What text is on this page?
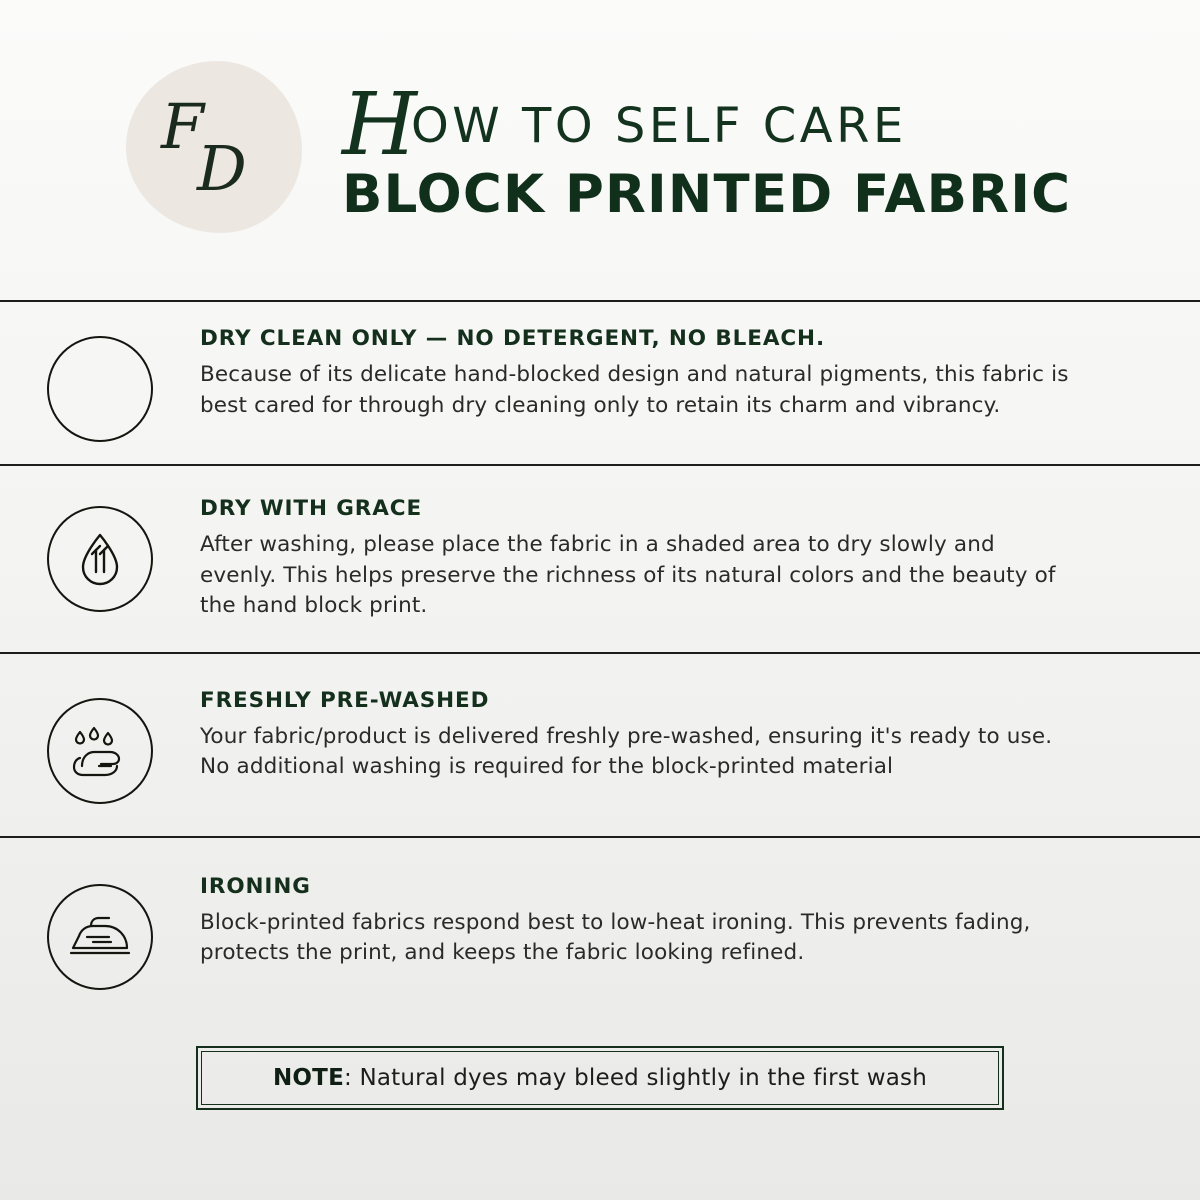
F
D HOW TO SELF CARE
BLOCK PRINTED FABRIC
DRY CLEAN ONLY — NO DETERGENT, NO BLEACH.
Because of its delicate hand-blocked design and natural pigments, this fabric is best cared for through dry cleaning only to retain its charm and vibrancy.
DRY WITH GRACE
After washing, please place the fabric in a shaded area to dry slowly and evenly. This helps preserve the richness of its natural colors and the beauty of the hand block print.
FRESHLY PRE-WASHED
Your fabric/product is delivered freshly pre-washed, ensuring it's ready to use. No additional washing is required for the block-printed material
IRONING
Block-printed fabrics respond best to low-heat ironing. This prevents fading, protects the print, and keeps the fabric looking refined.
NOTE: Natural dyes may bleed slightly in the first wash
